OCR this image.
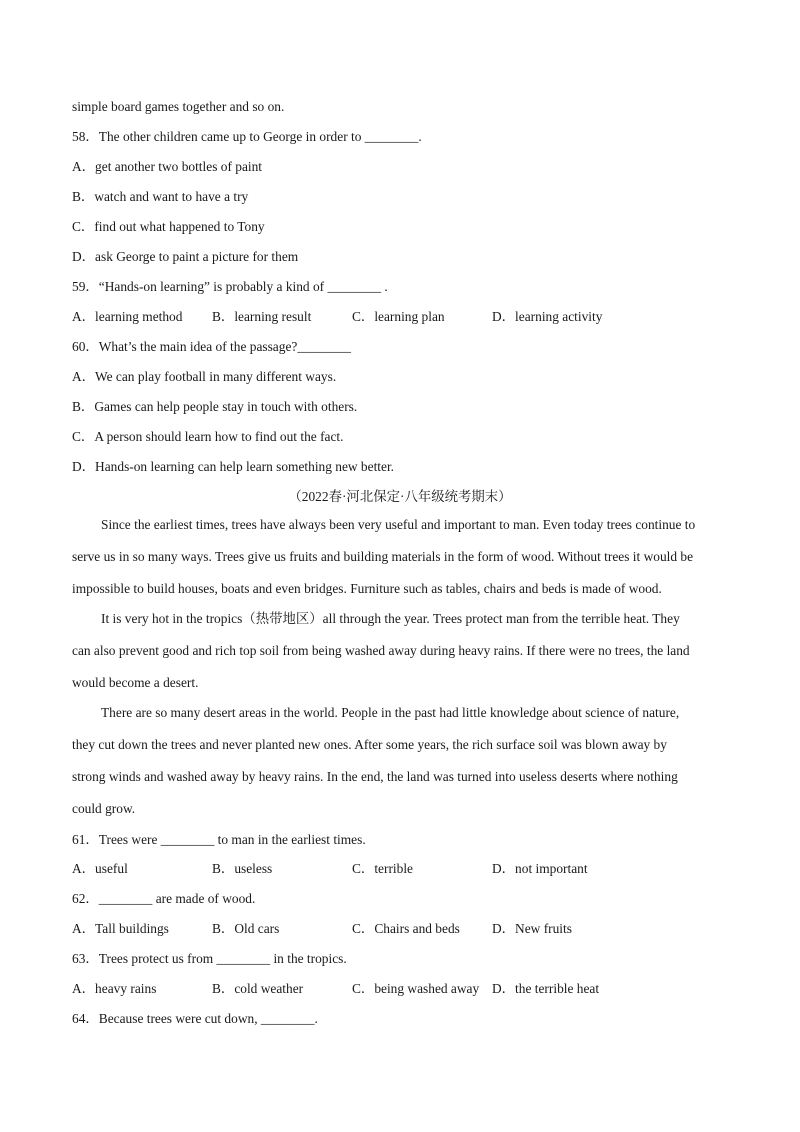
simple board games together and so on.
58．The other children came up to George in order to ________.
A．get another two bottles of paint
B．watch and want to have a try
C．find out what happened to Tony
D．ask George to paint a picture for them
59．“Hands-on learning” is probably a kind of ________ .
A．learning method B．learning result	C．learning plan	D．learning activity
60．What’s the main idea of the passage?________
A．We can play football in many different ways.
B．Games can help people stay in touch with others.
C．A person should learn how to find out the fact.
D．Hands-on learning can help learn something new better.
（2022春·河北保定·八年级统考期末）
Since the earliest times, trees have always been very useful and important to man. Even today trees continue to
serve us in so many ways. Trees give us fruits and building materials in the form of wood. Without trees it would be
impossible to build houses, boats and even bridges. Furniture such as tables, chairs and beds is made of wood.
It is very hot in the tropics（热带地区）all through the year. Trees protect man from the terrible heat. They
can also prevent good and rich top soil from being washed away during heavy rains. If there were no trees, the land
would become a desert.
There are so many desert areas in the world. People in the past had little knowledge about science of nature,
they cut down the trees and never planted new ones. After some years, the rich surface soil was blown away by
strong winds and washed away by heavy rains. In the end, the land was turned into useless deserts where nothing
could grow.
61．Trees were ________ to man in the earliest times.
A．useful	B．useless	C．terrible	D．not important
62．________ are made of wood.
A．Tall buildings	B．Old cars	C．Chairs and beds D．New fruits
63．Trees protect us from ________ in the tropics.
A．heavy rains	B．cold weather	C．being washed away D．the terrible heat
64．Because trees were cut down, ________.
